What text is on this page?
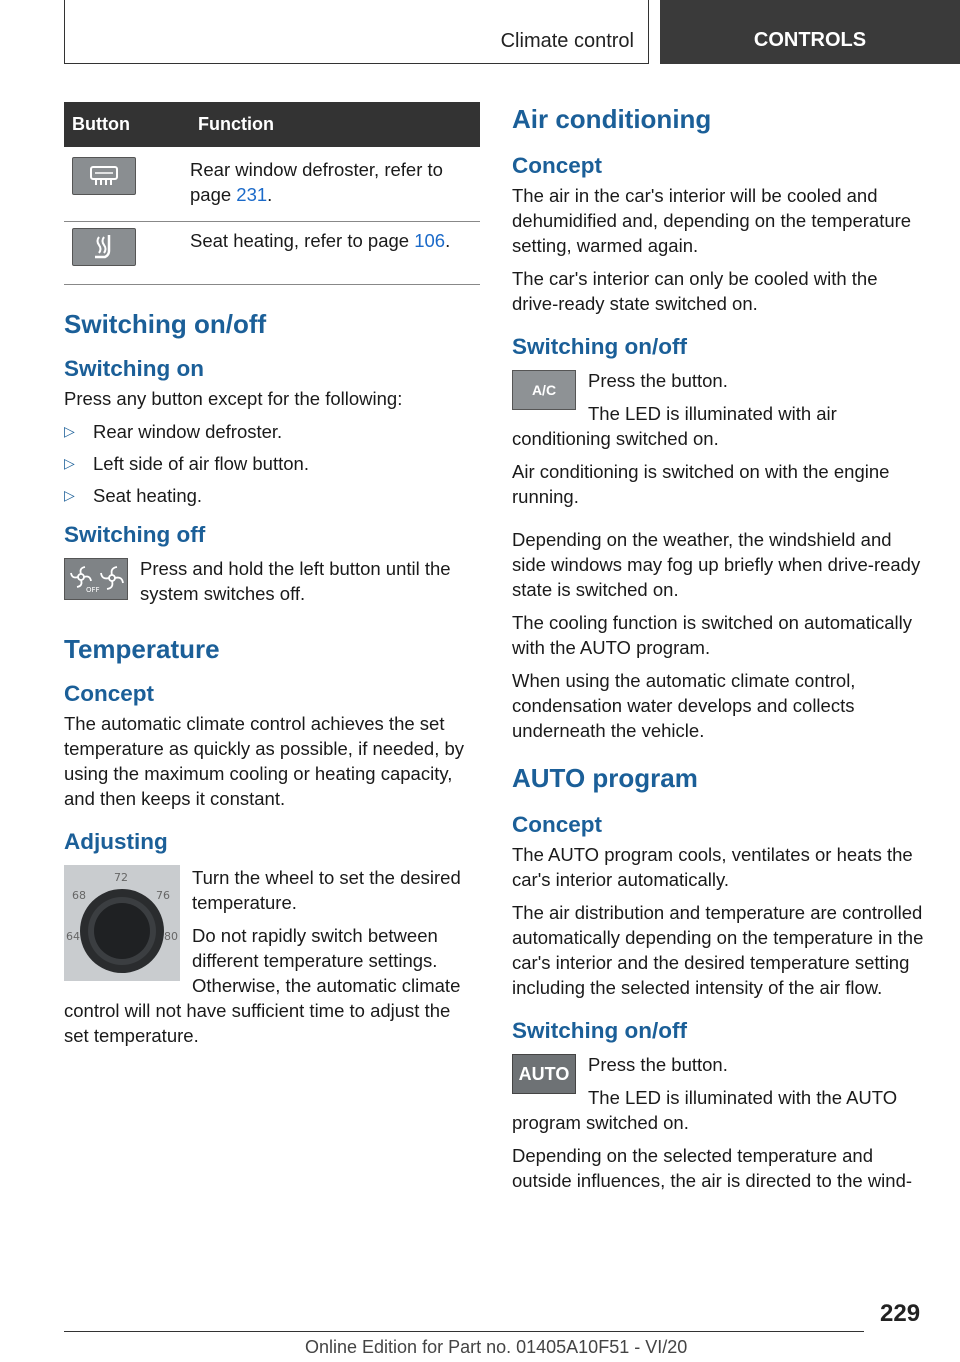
Climate control	CONTROLS
Button	Function

	Rear window defroster, refer to page 231.

	Seat heating, refer to page 106.
Switching on/off
Switching on

Press any button except for the following:

▷ Rear window defroster.
▷ Left side of air flow button.
▷ Seat heating.
Switching off
OFF

Press and hold the left button until the system switches off.

Temperature
Concept

The automatic climate control achieves the set temperature as quickly as possible, if needed, by using the maximum cooling or heating capacity, and then keeps it constant.

Adjusting
72
68	76
64	80

Turn the wheel to set the desired temperature.

Do not rapidly switch between different temperature settings. Otherwise, the automatic climate control will not have sufficient time to adjust the set temperature.

Air conditioning
Concept

The air in the car's interior will be cooled and dehumidified and, depending on the temperature setting, warmed again.

The car's interior can only be cooled with the drive-ready state switched on.

Switching on/off
A/C	Press the button.

The LED is illuminated with air conditioning switched on.

Air conditioning is switched on with the engine running.

Depending on the weather, the windshield and side windows may fog up briefly when drive-ready state is switched on.

The cooling function is switched on automatically with the AUTO program.

When using the automatic climate control, condensation water develops and collects underneath the vehicle.

AUTO program
Concept

The AUTO program cools, ventilates or heats the car's interior automatically.

The air distribution and temperature are controlled automatically depending on the temperature in the car's interior and the desired temperature setting including the selected intensity of the air flow.

Switching on/off
AUTO	Press the button.

The LED is illuminated with the AUTO program switched on.

Depending on the selected temperature and outside influences, the air is directed to the wind-

229
Online Edition for Part no. 01405A10F51 - VI/20
